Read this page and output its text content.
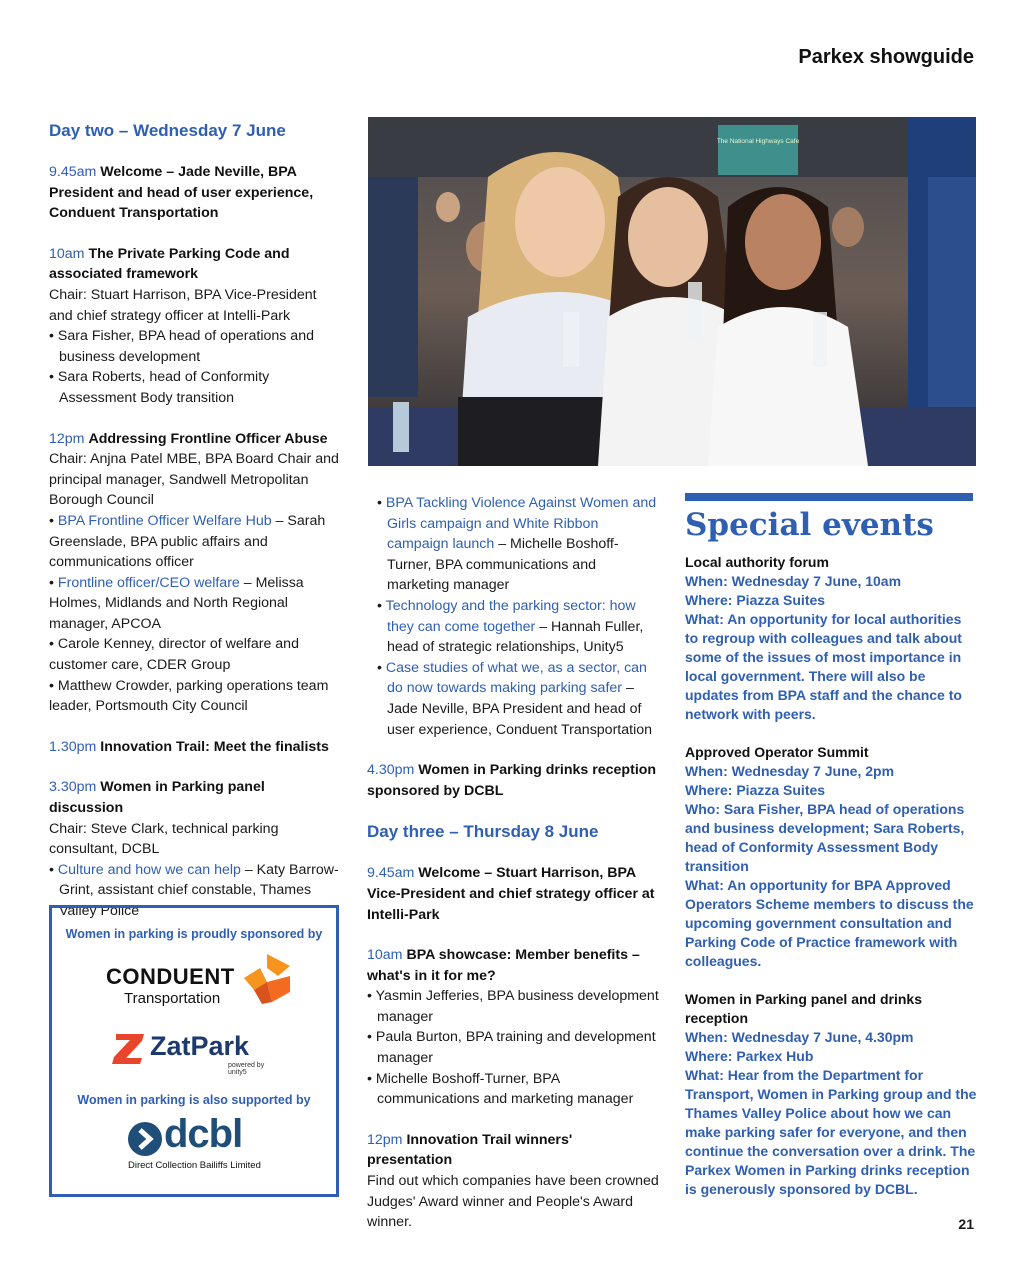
Parkex showguide
Day two – Wednesday 7 June
9.45am Welcome – Jade Neville, BPA President and head of user experience, Conduent Transportation
10am The Private Parking Code and associated framework
Chair: Stuart Harrison, BPA Vice-President and chief strategy officer at Intelli-Park
• Sara Fisher, BPA head of operations and business development
• Sara Roberts, head of Conformity Assessment Body transition
12pm Addressing Frontline Officer Abuse
Chair: Anjna Patel MBE, BPA Board Chair and principal manager, Sandwell Metropolitan Borough Council
• BPA Frontline Officer Welfare Hub – Sarah Greenslade, BPA public affairs and communications officer
• Frontline officer/CEO welfare – Melissa Holmes, Midlands and North Regional manager, APCOA
• Carole Kenney, director of welfare and customer care, CDER Group
• Matthew Crowder, parking operations team leader, Portsmouth City Council
1.30pm Innovation Trail: Meet the finalists
3.30pm Women in Parking panel discussion
Chair: Steve Clark, technical parking consultant, DCBL
• Culture and how we can help – Katy Barrow-Grint, assistant chief constable, Thames Valley Police
Women in parking is proudly sponsored by
CONDUENT
Transportation
ZatPark
powered by unity5
Women in parking is also supported by
dcbl
Direct Collection Bailiffs Limited
The National Highways Cafe
• BPA Tackling Violence Against Women and Girls campaign and White Ribbon campaign launch – Michelle Boshoff-Turner, BPA communications and marketing manager
• Technology and the parking sector: how they can come together – Hannah Fuller, head of strategic relationships, Unity5
• Case studies of what we, as a sector, can do now towards making parking safer – Jade Neville, BPA President and head of user experience, Conduent Transportation
4.30pm Women in Parking drinks reception sponsored by DCBL
Day three – Thursday 8 June
9.45am Welcome – Stuart Harrison, BPA Vice-President and chief strategy officer at Intelli-Park
10am BPA showcase: Member benefits – what's in it for me?
• Yasmin Jefferies, BPA business development manager
• Paula Burton, BPA training and development manager
• Michelle Boshoff-Turner, BPA communications and marketing manager
12pm Innovation Trail winners' presentation
Find out which companies have been crowned Judges' Award winner and People's Award winner.
Special events
Local authority forum
When: Wednesday 7 June, 10am
Where: Piazza Suites
What: An opportunity for local authorities to regroup with colleagues and talk about some of the issues of most importance in local government. There will also be updates from BPA staff and the chance to network with peers.
Approved Operator Summit
When: Wednesday 7 June, 2pm
Where: Piazza Suites
Who: Sara Fisher, BPA head of operations and business development; Sara Roberts, head of Conformity Assessment Body transition
What: An opportunity for BPA Approved Operators Scheme members to discuss the upcoming government consultation and Parking Code of Practice framework with colleagues.
Women in Parking panel and drinks reception
When: Wednesday 7 June, 4.30pm
Where: Parkex Hub
What: Hear from the Department for Transport, Women in Parking group and the Thames Valley Police about how we can make parking safer for everyone, and then continue the conversation over a drink. The Parkex Women in Parking drinks reception is generously sponsored by DCBL.
21
